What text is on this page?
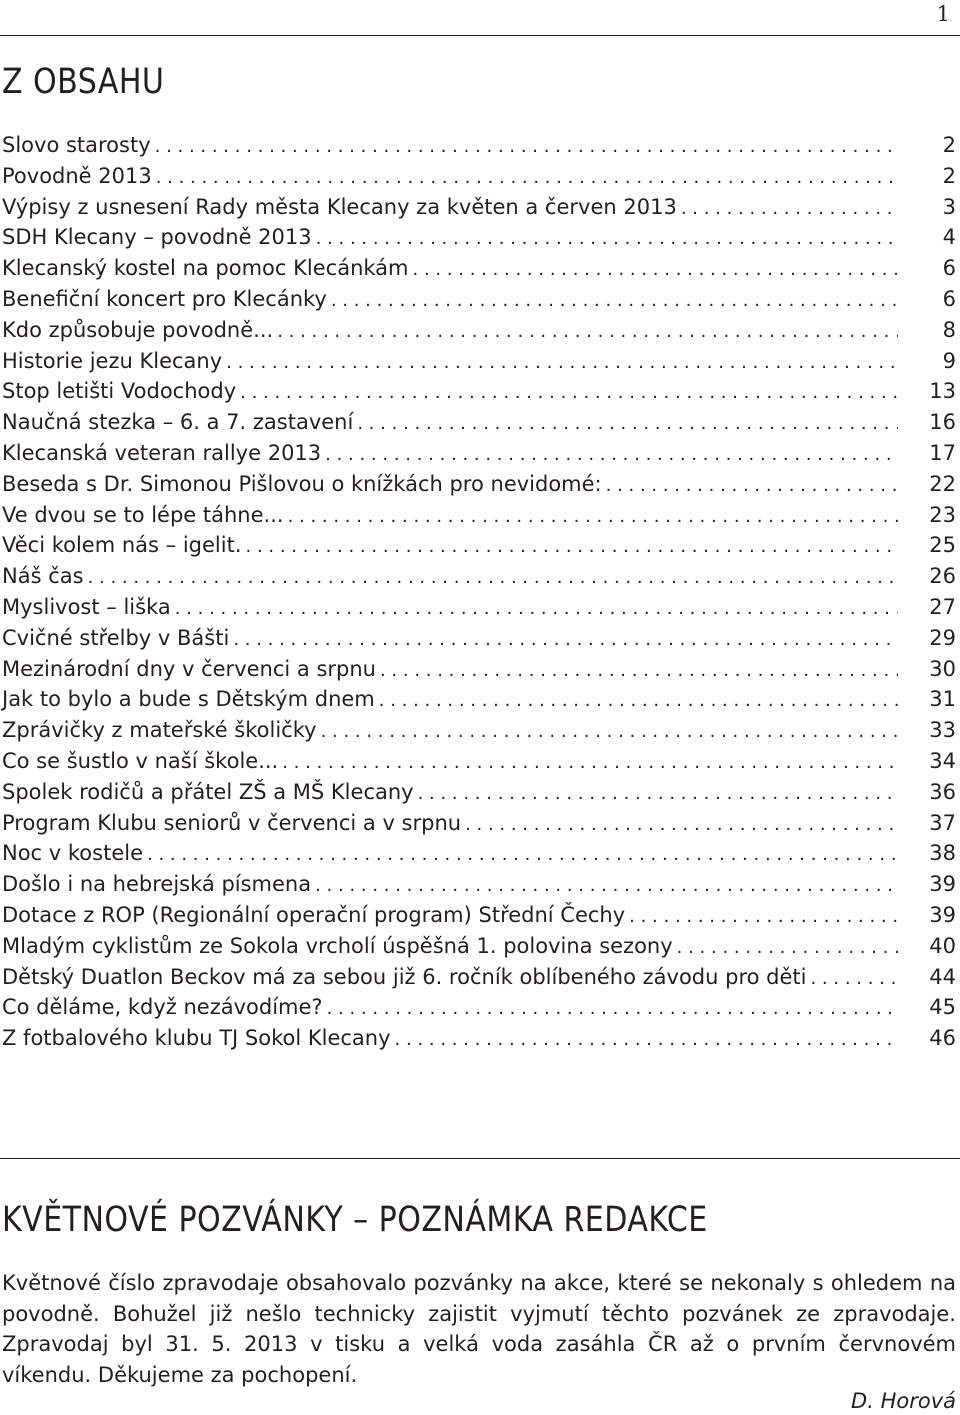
1
Z OBSAHU
Slovo starosty . . .	2
Povodně 2013 . . .	2
Výpisy z usnesení Rady města Klecany za květen a červen 2013 . . .	3
SDH Klecany – povodně 2013 . . .	4
Klecanský kostel na pomoc Klecánkám . . .	6
Benefiční koncert pro Klecánky . . .	6
Kdo způsobuje povodně... . . .	8
Historie jezu Klecany . . .	9
Stop letišti Vodochody . . .	13
Naučná stezka – 6. a 7. zastavení . . .	16
Klecanská veteran rallye 2013 . . .	17
Beseda s Dr. Simonou Pišlovou o knížkách pro nevidomé: . . .	22
Ve dvou se to lépe táhne... . . .	23
Věci kolem nás – igelit. . . .	25
Náš čas . . .	26
Myslivost – liška . . .	27
Cvičné střelby v Bášti . . .	29
Mezinárodní dny v červenci a srpnu . . .	30
Jak to bylo a bude s Dětským dnem . . .	31
Zprávičky z mateřské školičky . . .	33
Co se šustlo v naší škole... . . .	34
Spolek rodičů a přátel ZŠ a MŠ Klecany . . .	36
Program Klubu seniorů v červenci a v srpnu . . .	37
Noc v kostele . . .	38
Došlo i na hebrejská písmena . . .	39
Dotace z ROP (Regionální operační program) Střední Čechy . . .	39
Mladým cyklistům ze Sokola vrcholí úspěšná 1. polovina sezony . . .	40
Dětský Duatlon Beckov má za sebou již 6. ročník oblíbeného závodu pro děti . . .	44
Co děláme, když nezávodíme? . . .	45
Z fotbalového klubu TJ Sokol Klecany . . .	46
KVĚTNOVÉ POZVÁNKY – POZNÁMKA REDAKCE

Květnové číslo zpravodaje obsahovalo pozvánky na akce, které se nekonaly s ohledem na povodně. Bohužel již nešlo technicky zajistit vyjmutí těchto pozvánek ze zpravodaje. Zpravodaj byl 31. 5. 2013 v tisku a velká voda zasáhla ČR až o prvním červnovém víkendu. Děkujeme za pochopení.

D. Horová
